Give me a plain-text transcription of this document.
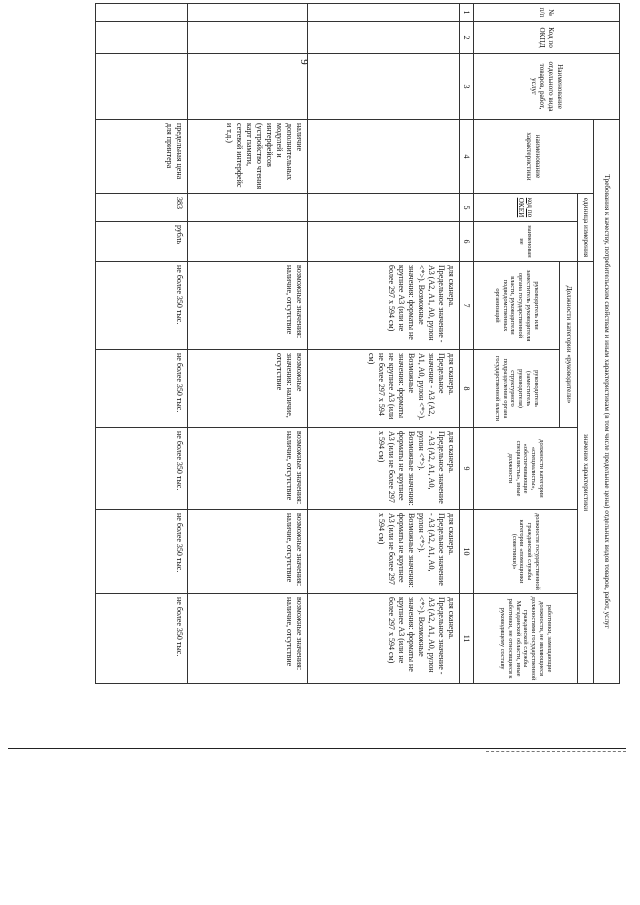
9
№ п/п	Код по ОКПД	Наименование отдельного вида товаров, работ, услуг	Требования к качеству, потребительским свойствам и иным характеристикам (в том числе предельные цены) отдельных видов товаров, работ, услуг							
			наименование характеристики	единица измерения		значение характеристики				
				код по ОКЕИ	наименование	Должности категории «руководители»		должности категории «специалисты», «обеспечивающие специалисты», иные должности	должности государственной гражданской службы категории «помощники (советники)»	работники, замещающие должности, не являющиеся должностями государственной гражданской службы Магаданской области, иные работники, не относящиеся к руководящему составу
						руководитель или заместитель руководителя органа государственной власти, руководители подведомственных организаций	руководитель (заместитель руководителя) структурного подразделения органа государственной власти			
1	2	3	4	5	6	7	8	9	10	11
						для сканера. Предельное значение - А3 (А2, А1, А0, рулон <*>). Возможные значения: форматы не крупнее А3 (или не более 297 х 594 см)	для сканера. Предельное значение - А3 (А2, А1, А0, рулон <*>). Возможные значения: форматы не крупнее А3 (или не более 297 х 594 см)	для сканера. Предельное значение - А3 (А2, А1, А0, рулон <*>). Возможные значения: форматы не крупнее А3 (или не более 297 х 594 см)	для сканера. Предельное значение - А3 (А2, А1, А0, рулон <*>). Возможные значения: форматы не крупнее А3 (или не более 297 х 594 см)	для сканера. Предельное значение - А3 (А2, А1, А0, рулон <*>). Возможные значения: форматы не крупнее А3 (или не более 297 х 594 см)
			наличие дополнительных модулей и интерфейсов (устройство чтения карт памяти, сетевой интерфейс и т.д.)			возможные значения: наличие, отсутствие	возможные значения: наличие, отсутствие	возможные значения: наличие, отсутствие	возможные значения: наличие, отсутствие	возможные значения: наличие, отсутствие
			предельная цена для принтера	383	рубль	не более 350 тыс.	не более 350 тыс.	не более 350 тыс.	не более 350 тыс.	не более 350 тыс.
